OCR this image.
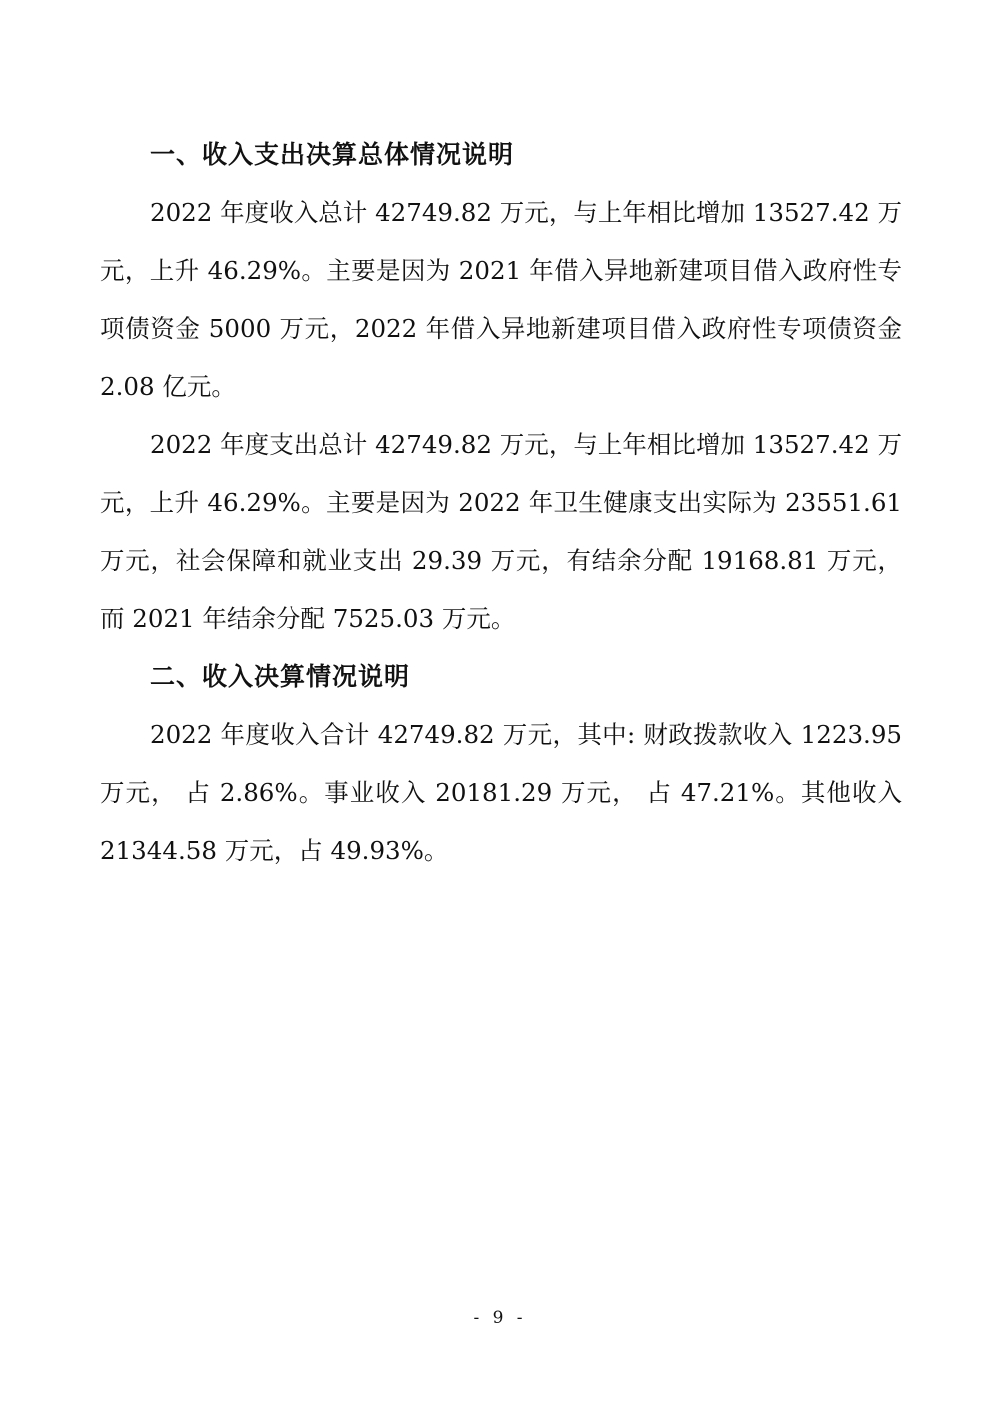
一、收入支出决算总体情况说明

2022 年度收入总计 42749.82 万元，与上年相比增加 13527.42 万元，上升 46.29%。主要是因为 2021 年借入异地新建项目借入政府性专项债资金 5000 万元，2022 年借入异地新建项目借入政府性专项债资金 2.08 亿元。

2022 年度支出总计 42749.82 万元，与上年相比增加 13527.42 万元，上升 46.29%。主要是因为 2022 年卫生健康支出实际为 23551.61 万元，社会保障和就业支出 29.39 万元，有结余分配 19168.81 万元，而 2021 年结余分配 7525.03 万元。

二、收入决算情况说明

2022 年度收入合计 42749.82 万元，其中: 财政拨款收入 1223.95 万元， 占 2.86%。事业收入 20181.29 万元， 占 47.21%。其他收入 21344.58 万元，占 49.93%。

- 9 -
